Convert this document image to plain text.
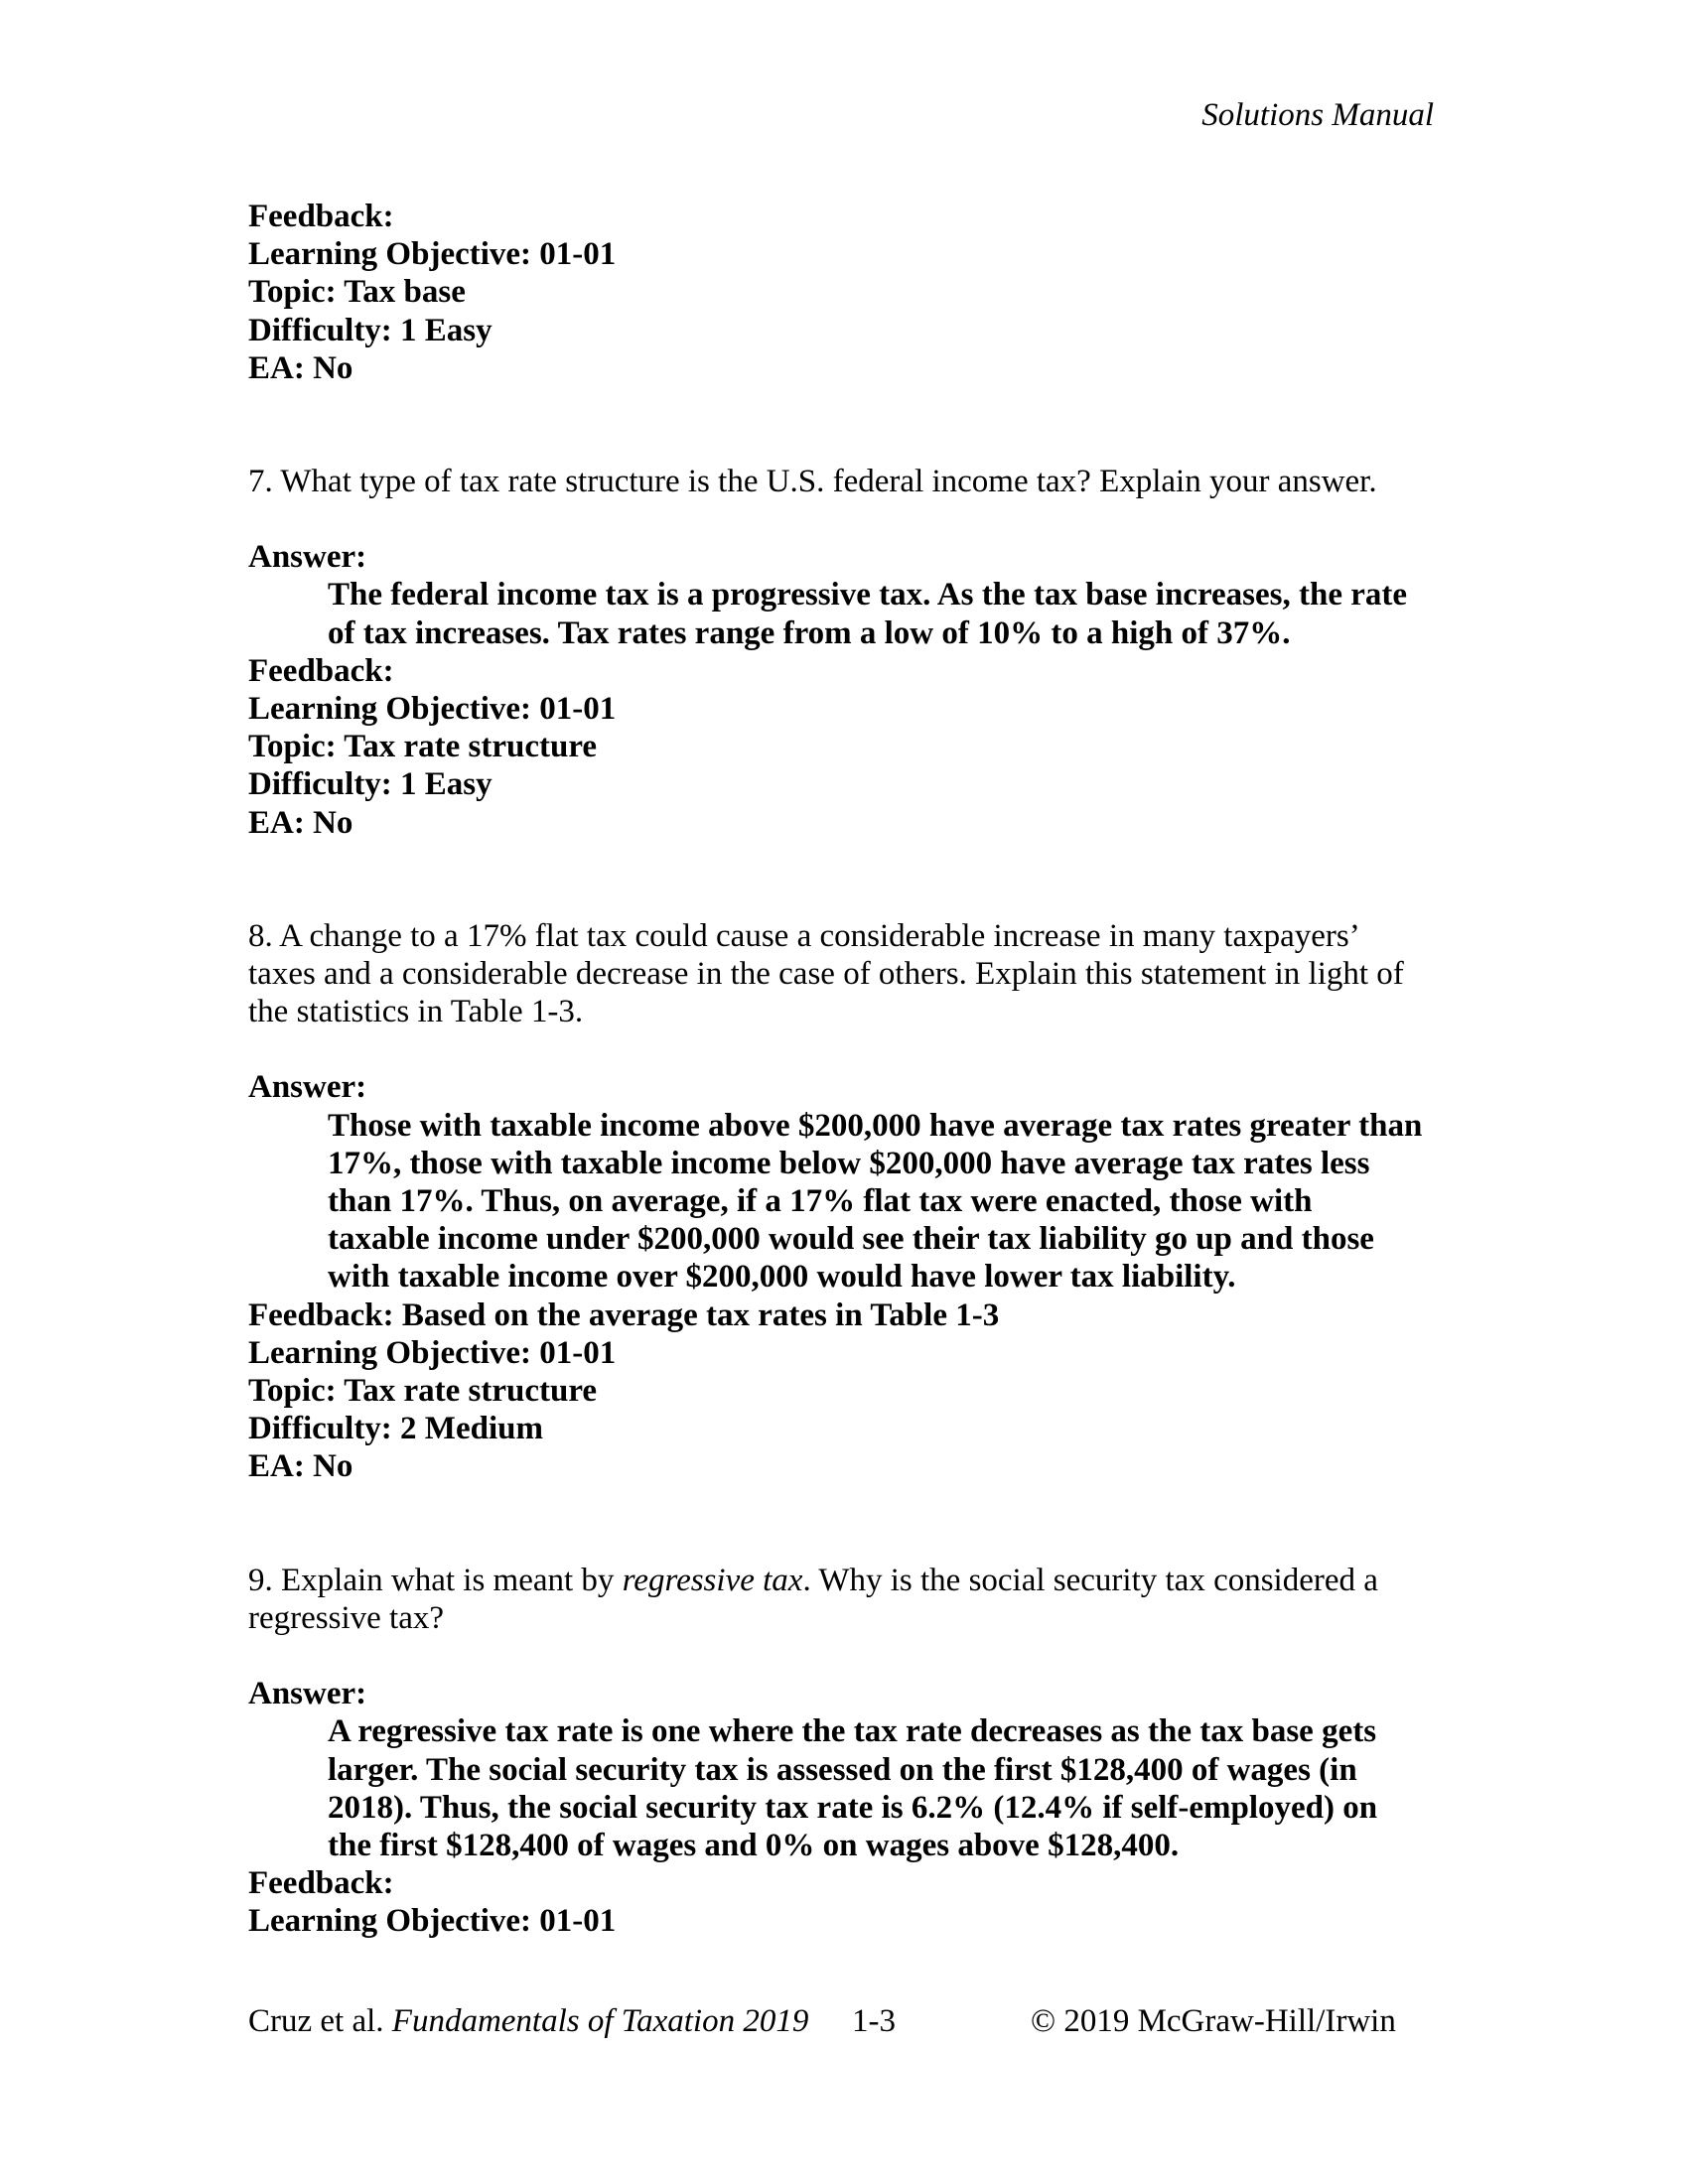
Solutions Manual
Feedback:
Learning Objective: 01-01
Topic: Tax base
Difficulty: 1 Easy
EA: No
7. What type of tax rate structure is the U.S. federal income tax? Explain your answer.
Answer:
The federal income tax is a progressive tax. As the tax base increases, the rate
of tax increases. Tax rates range from a low of 10% to a high of 37%.
Feedback:
Learning Objective: 01-01
Topic: Tax rate structure
Difficulty: 1 Easy
EA: No
8. A change to a 17% flat tax could cause a considerable increase in many taxpayers’
taxes and a considerable decrease in the case of others. Explain this statement in light of
the statistics in Table 1-3.
Answer:
Those with taxable income above $200,000 have average tax rates greater than
17%, those with taxable income below $200,000 have average tax rates less
than 17%. Thus, on average, if a 17% flat tax were enacted, those with
taxable income under $200,000 would see their tax liability go up and those
with taxable income over $200,000 would have lower tax liability.
Feedback: Based on the average tax rates in Table 1-3
Learning Objective: 01-01
Topic: Tax rate structure
Difficulty: 2 Medium
EA: No
9. Explain what is meant by regressive tax. Why is the social security tax considered a
regressive tax?
Answer:
A regressive tax rate is one where the tax rate decreases as the tax base gets
larger. The social security tax is assessed on the first $128,400 of wages (in
2018). Thus, the social security tax rate is 6.2% (12.4% if self-employed) on
the first $128,400 of wages and 0% on wages above $128,400.
Feedback:
Learning Objective: 01-01
Cruz et al. Fundamentals of Taxation 2019 1-3	© 2019 McGraw-Hill/Irwin
